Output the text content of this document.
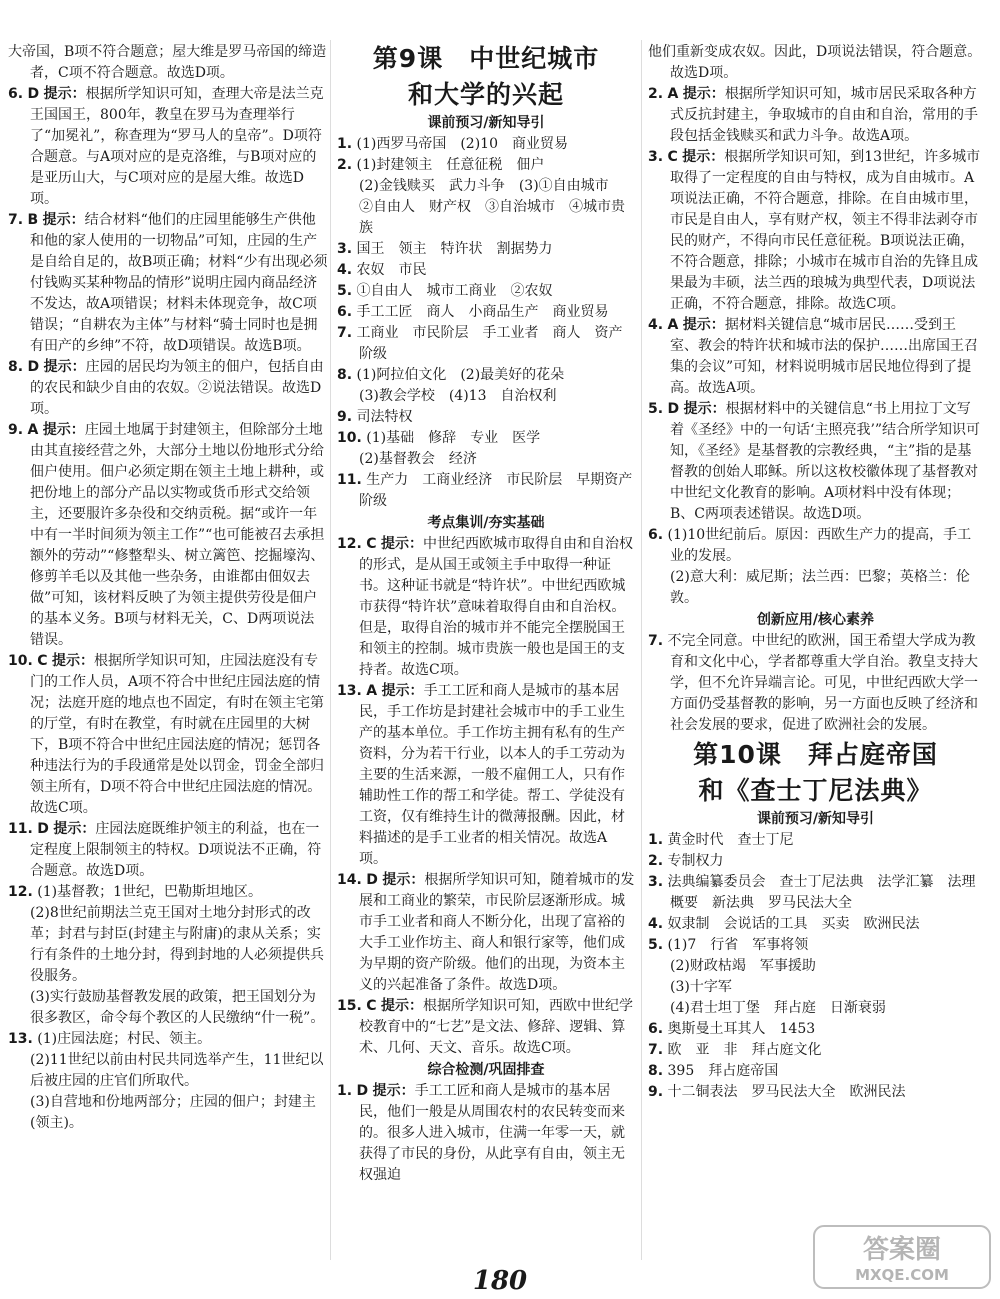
大帝国，B项不符合题意；屋大维是罗马帝国的缔造者，C项不符合题意。故选D项。

6. D 提示：根据所学知识可知，查理大帝是法兰克王国国王，800年，教皇在罗马为查理举行了“加冕礼”，称查理为“罗马人的皇帝”。D项符合题意。与A项对应的是克洛维，与B项对应的是亚历山大，与C项对应的是屋大维。故选D项。

7. B 提示：结合材料“他们的庄园里能够生产供他和他的家人使用的一切物品”可知，庄园的生产是自给自足的，故B项正确；材料“少有出现必须付钱购买某种物品的情形”说明庄园内商品经济不发达，故A项错误；材料未体现竞争，故C项错误；“自耕农为主体”与材料“骑士同时也是拥有田产的乡绅”不符，故D项错误。故选B项。

8. D 提示：庄园的居民均为领主的佃户，包括自由的农民和缺少自由的农奴。②说法错误。故选D项。

9. A 提示：庄园土地属于封建领主，但除部分土地由其直接经营之外，大部分土地以份地形式分给佃户使用。佃户必须定期在领主土地上耕种，或把份地上的部分产品以实物或货币形式交给领主，还要服许多杂役和交纳贡税。据“或许一年中有一半时间须为领主工作”“也可能被召去承担额外的劳动”“修整犁头、树立篱笆、挖掘壕沟、修剪羊毛以及其他一些杂务，由谁都由佃奴去做”可知，该材料反映了为领主提供劳役是佃户的基本义务。B项与材料无关，C、D两项说法错误。

10. C 提示：根据所学知识可知，庄园法庭没有专门的工作人员，A项不符合中世纪庄园法庭的情况；法庭开庭的地点也不固定，有时在领主宅第的厅堂，有时在教堂，有时就在庄园里的大树下，B项不符合中世纪庄园法庭的情况；惩罚各种违法行为的手段通常是处以罚金，罚金全部归领主所有，D项不符合中世纪庄园法庭的情况。故选C项。

11. D 提示：庄园法庭既维护领主的利益，也在一定程度上限制领主的特权。D项说法不正确，符合题意。故选D项。

12. (1)基督教；1世纪，巴勒斯坦地区。

(2)8世纪前期法兰克王国对土地分封形式的改革；封君与封臣(封建主与附庸)的隶从关系；实行有条件的土地分封，得到封地的人必须提供兵役服务。

(3)实行鼓励基督教发展的政策，把王国划分为很多教区，命令每个教区的人民缴纳“什一税”。

13. (1)庄园法庭；村民、领主。

(2)11世纪以前由村民共同选举产生，11世纪以后被庄园的庄官们所取代。

(3)自营地和份地两部分；庄园的佃户；封建主(领主)。

第9课　中世纪城市
和大学的兴起
课前预习/新知导引

1. (1)西罗马帝国　(2)10　商业贸易

2. (1)封建领主　任意征税　佃户

(2)金钱赎买　武力斗争　(3)①自由城市　②自由人　财产权　③自治城市　④城市贵族

3. 国王　领主　特许状　割据势力

4. 农奴　市民

5. ①自由人　城市工商业　②农奴

6. 手工工匠　商人　小商品生产　商业贸易

7. 工商业　市民阶层　手工业者　商人　资产阶级

8. (1)阿拉伯文化　(2)最美好的花朵

(3)教会学校　(4)13　自治权利

9. 司法特权

10. (1)基础　修辞　专业　医学

(2)基督教会　经济

11. 生产力　工商业经济　市民阶层　早期资产阶级

考点集训/夯实基础

12. C 提示：中世纪西欧城市取得自由和自治权的形式，是从国王或领主手中取得一种证书。这种证书就是“特许状”。中世纪西欧城市获得“特许状”意味着取得自由和自治权。但是，取得自治的城市并不能完全摆脱国王和领主的控制。城市贵族一般也是国王的支持者。故选C项。

13. A 提示：手工工匠和商人是城市的基本居民，手工作坊是封建社会城市中的手工业生产的基本单位。手工作坊主拥有私有的生产资料，分为若干行业，以本人的手工劳动为主要的生活来源，一般不雇佣工人，只有作辅助性工作的帮工和学徒。帮工、学徒没有工资，仅有维持生计的微薄报酬。因此，材料描述的是手工业者的相关情况。故选A项。

14. D 提示：根据所学知识可知，随着城市的发展和工商业的繁荣，市民阶层逐渐形成。城市手工业者和商人不断分化，出现了富裕的大手工业作坊主、商人和银行家等，他们成为早期的资产阶级。他们的出现，为资本主义的兴起准备了条件。故选D项。

15. C 提示：根据所学知识可知，西欧中世纪学校教育中的“七艺”是文法、修辞、逻辑、算术、几何、天文、音乐。故选C项。

综合检测/巩固排查

1. D 提示：手工工匠和商人是城市的基本居民，他们一般是从周围农村的农民转变而来的。很多人进入城市，住满一年零一天，就获得了市民的身份，从此享有自由，领主无权强迫

他们重新变成农奴。因此，D项说法错误，符合题意。故选D项。

2. A 提示：根据所学知识可知，城市居民采取各种方式反抗封建主，争取城市的自由和自治，常用的手段包括金钱赎买和武力斗争。故选A项。

3. C 提示：根据所学知识可知，到13世纪，许多城市取得了一定程度的自由与特权，成为自由城市。A项说法正确，不符合题意，排除。在自由城市里，市民是自由人，享有财产权，领主不得非法剥夺市民的财产，不得向市民任意征税。B项说法正确，不符合题意，排除；小城市在城市自治的先锋且成果最为丰硕，法兰西的琅城为典型代表，D项说法正确，不符合题意，排除。故选C项。

4. A 提示：据材料关键信息“城市居民……受到王室、教会的特许状和城市法的保护……出席国王召集的会议”可知，材料说明城市居民地位得到了提高。故选A项。

5. D 提示：根据材料中的关键信息“书上用拉丁文写着《圣经》中的一句话‘主照亮我’”结合所学知识可知，《圣经》是基督教的宗教经典，“主”指的是基督教的创始人耶稣。所以这枚校徽体现了基督教对中世纪文化教育的影响。A项材料中没有体现；B、C两项表述错误。故选D项。

6. (1)10世纪前后。原因：西欧生产力的提高，手工业的发展。

(2)意大利：威尼斯；法兰西：巴黎；英格兰：伦敦。

创新应用/核心素养

7. 不完全同意。中世纪的欧洲，国王希望大学成为教育和文化中心，学者都尊重大学自治。教皇支持大学，但不允许异端言论。可见，中世纪西欧大学一方面仍受基督教的影响，另一方面也反映了经济和社会发展的要求，促进了欧洲社会的发展。

第10课　拜占庭帝国
和《查士丁尼法典》
课前预习/新知导引

1. 黄金时代　查士丁尼

2. 专制权力

3. 法典编纂委员会　查士丁尼法典　法学汇纂　法理概要　新法典　罗马民法大全

4. 奴隶制　会说话的工具　买卖　欧洲民法

5. (1)7　行省　军事将领

(2)财政枯竭　军事援助

(3)十字军

(4)君士坦丁堡　拜占庭　日渐衰弱

6. 奥斯曼土耳其人　1453

7. 欧　亚　非　拜占庭文化

8. 395　拜占庭帝国

9. 十二铜表法　罗马民法大全　欧洲民法

180
答案圈
MXQE.COM
